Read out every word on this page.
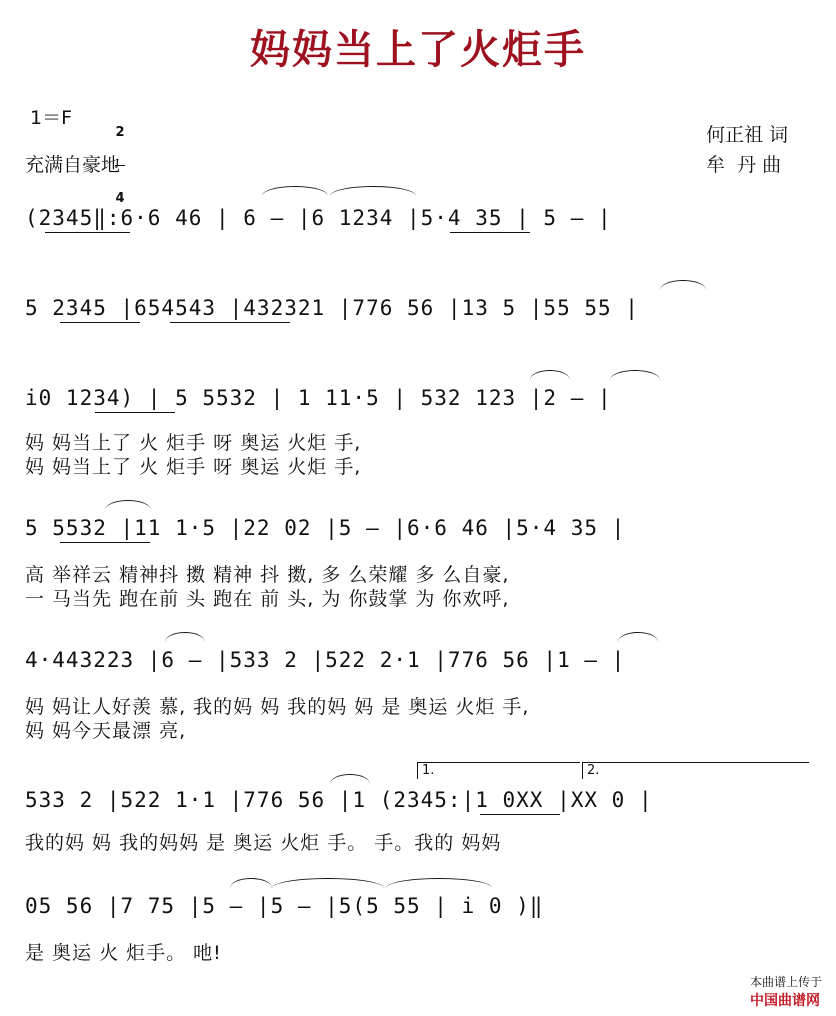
妈妈当上了火炬手
1＝F

2

4

充满自豪地
何正祖 词
牟  丹 曲
(2345‖:6·6 46 | 6 — |6 1234 |5·4 35 | 5 — |
5 2345 |654543 |432321 |776 56 |13 5 |55 55 |
i0 1234) | 5 5532 | 1 11·5 | 532 123 |2 — |
妈 妈当上了 火 炬手 呀 奥运 火炬 手,
妈 妈当上了 火 炬手 呀 奥运 火炬 手,
5 5532 |11 1·5 |22 02 |5 — |6·6 46 |5·4 35 |
高 举祥云 精神抖 擞 精神 抖 擞, 多 么荣耀 多 么自豪,
一 马当先 跑在前 头 跑在 前 头, 为 你鼓掌 为 你欢呼,
4·443223 |6 — |533 2 |522 2·1 |776 56 |1 — |
妈 妈让人好羡 慕, 我的妈 妈 我的妈 妈 是 奥运 火炬 手,
妈 妈今天最漂 亮,
1.	2.
533 2 |522 1·1 |776 56 |1 (2345:|1 0XX |XX 0 |
我的妈 妈 我的妈妈 是 奥运 火炬 手。 手。我的 妈妈
05 56 |7 75 |5 — |5 — |5(5 55 | i 0 )‖
是 奥运 火 炬手。 吔!

本曲谱上传于
中国曲谱网
